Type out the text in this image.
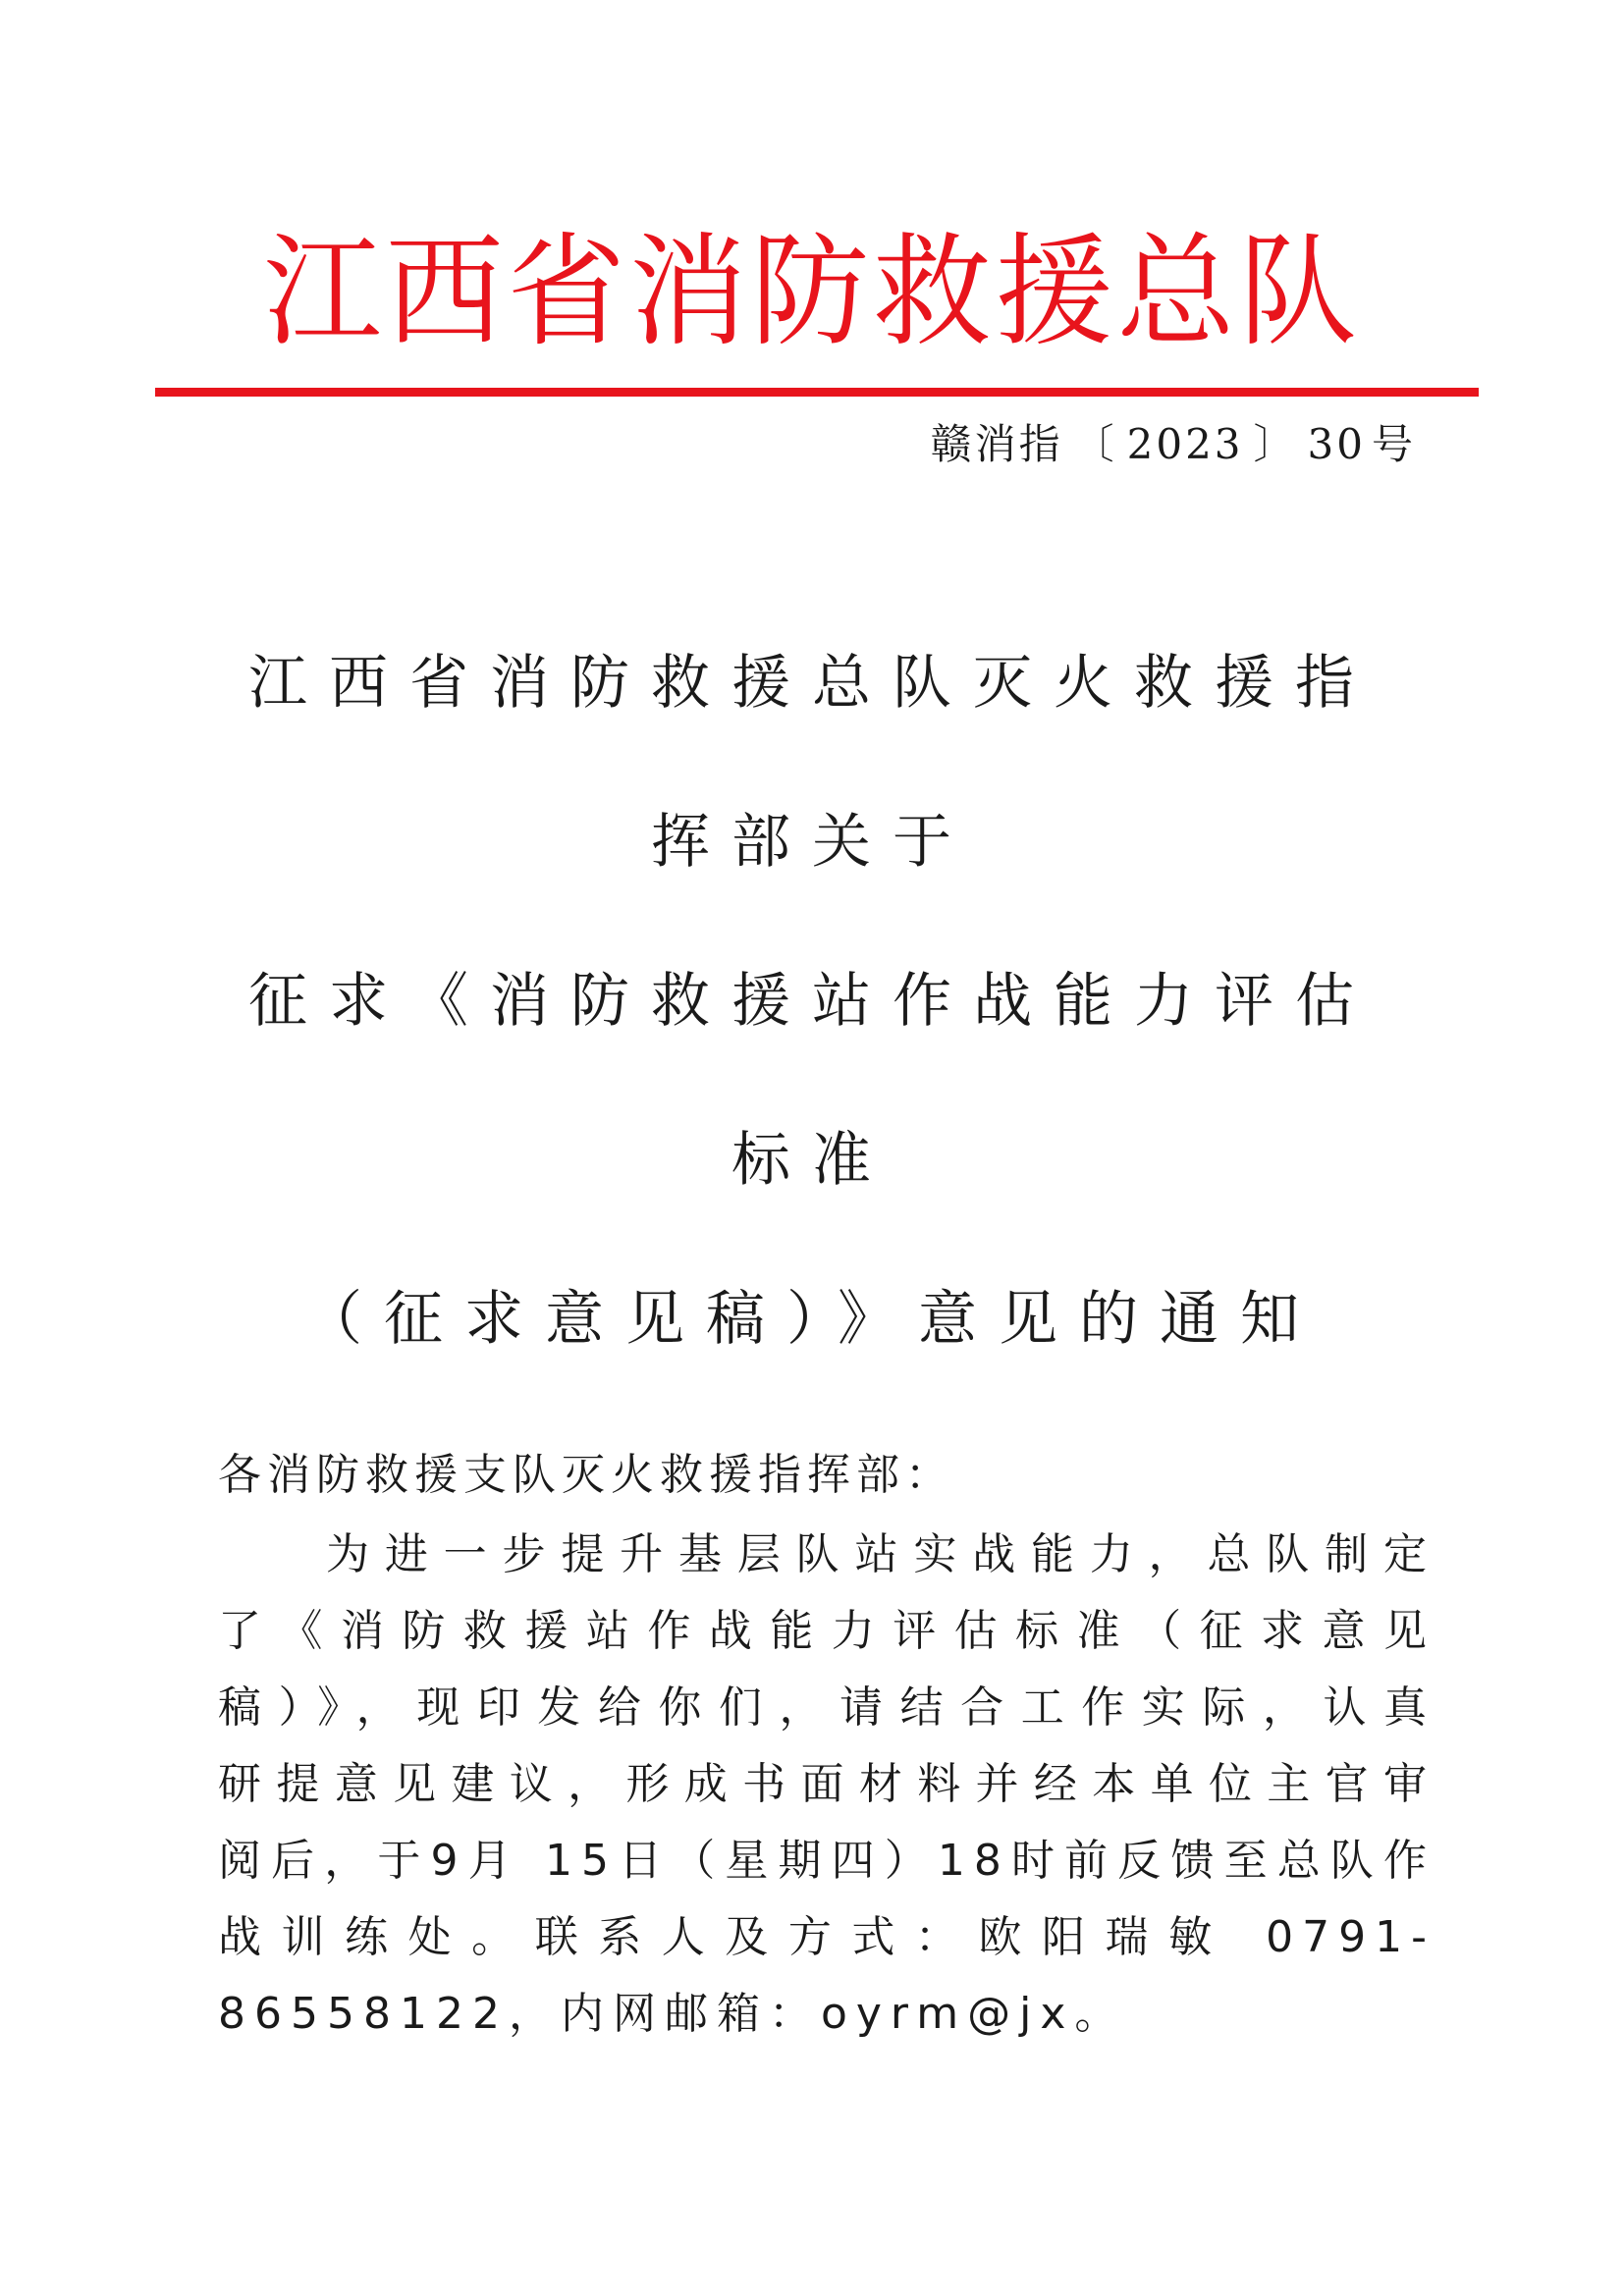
江西省消防救援总队
赣消指 〔 2023 〕 30 号
江西省消防救援总队灭火救援指
挥部关于
征求《消防救援站作战能力评估
标准
（征求意见稿）》意见的通知
各消防救援支队灭火救援指挥部：
为进一步提升基层队站实战能力，总队制定
了《消防救援站作战能力评估标准（征求意见
稿）》，现印发给你们，请结合工作实际，认真
研提意见建议，形成书面材料并经本单位主官审
阅后，于9月 15日（星期四）18时前反馈至总队作
战训练处。联系人及方式：欧阳瑞敏 0791-
86558122，内网邮箱：oyrm@jx。
